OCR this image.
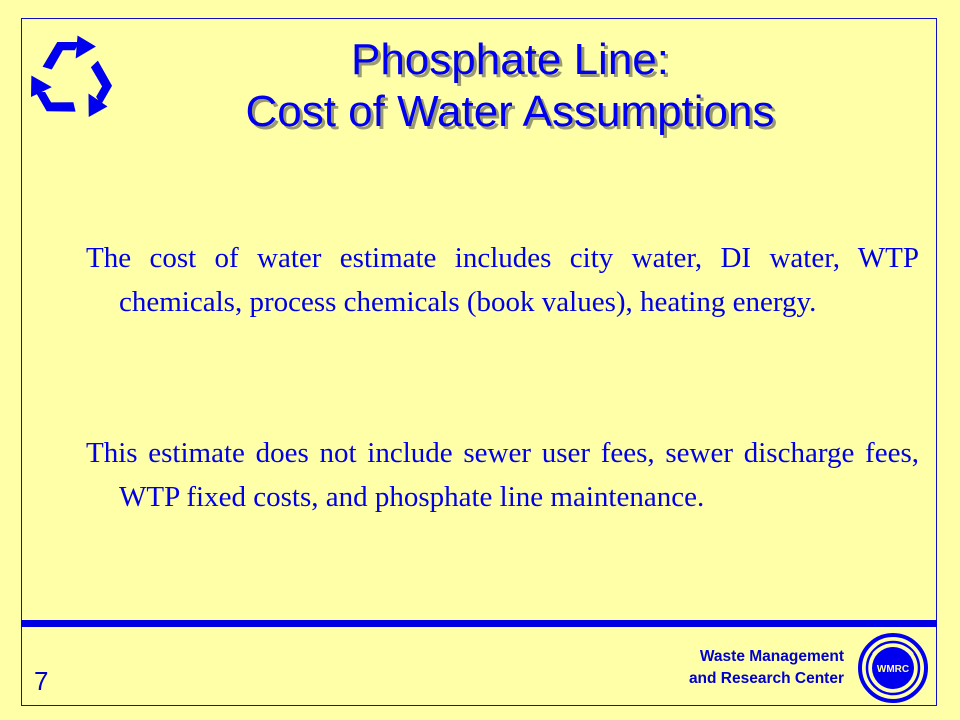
Phosphate Line:
Cost of Water Assumptions
The cost of water estimate includes city water, DI water, WTP chemicals, process chemicals (book values), heating energy.
This estimate does not include sewer user fees, sewer discharge fees, WTP fixed costs, and phosphate line maintenance.
Waste Management
and Research Center
WMRC
7
